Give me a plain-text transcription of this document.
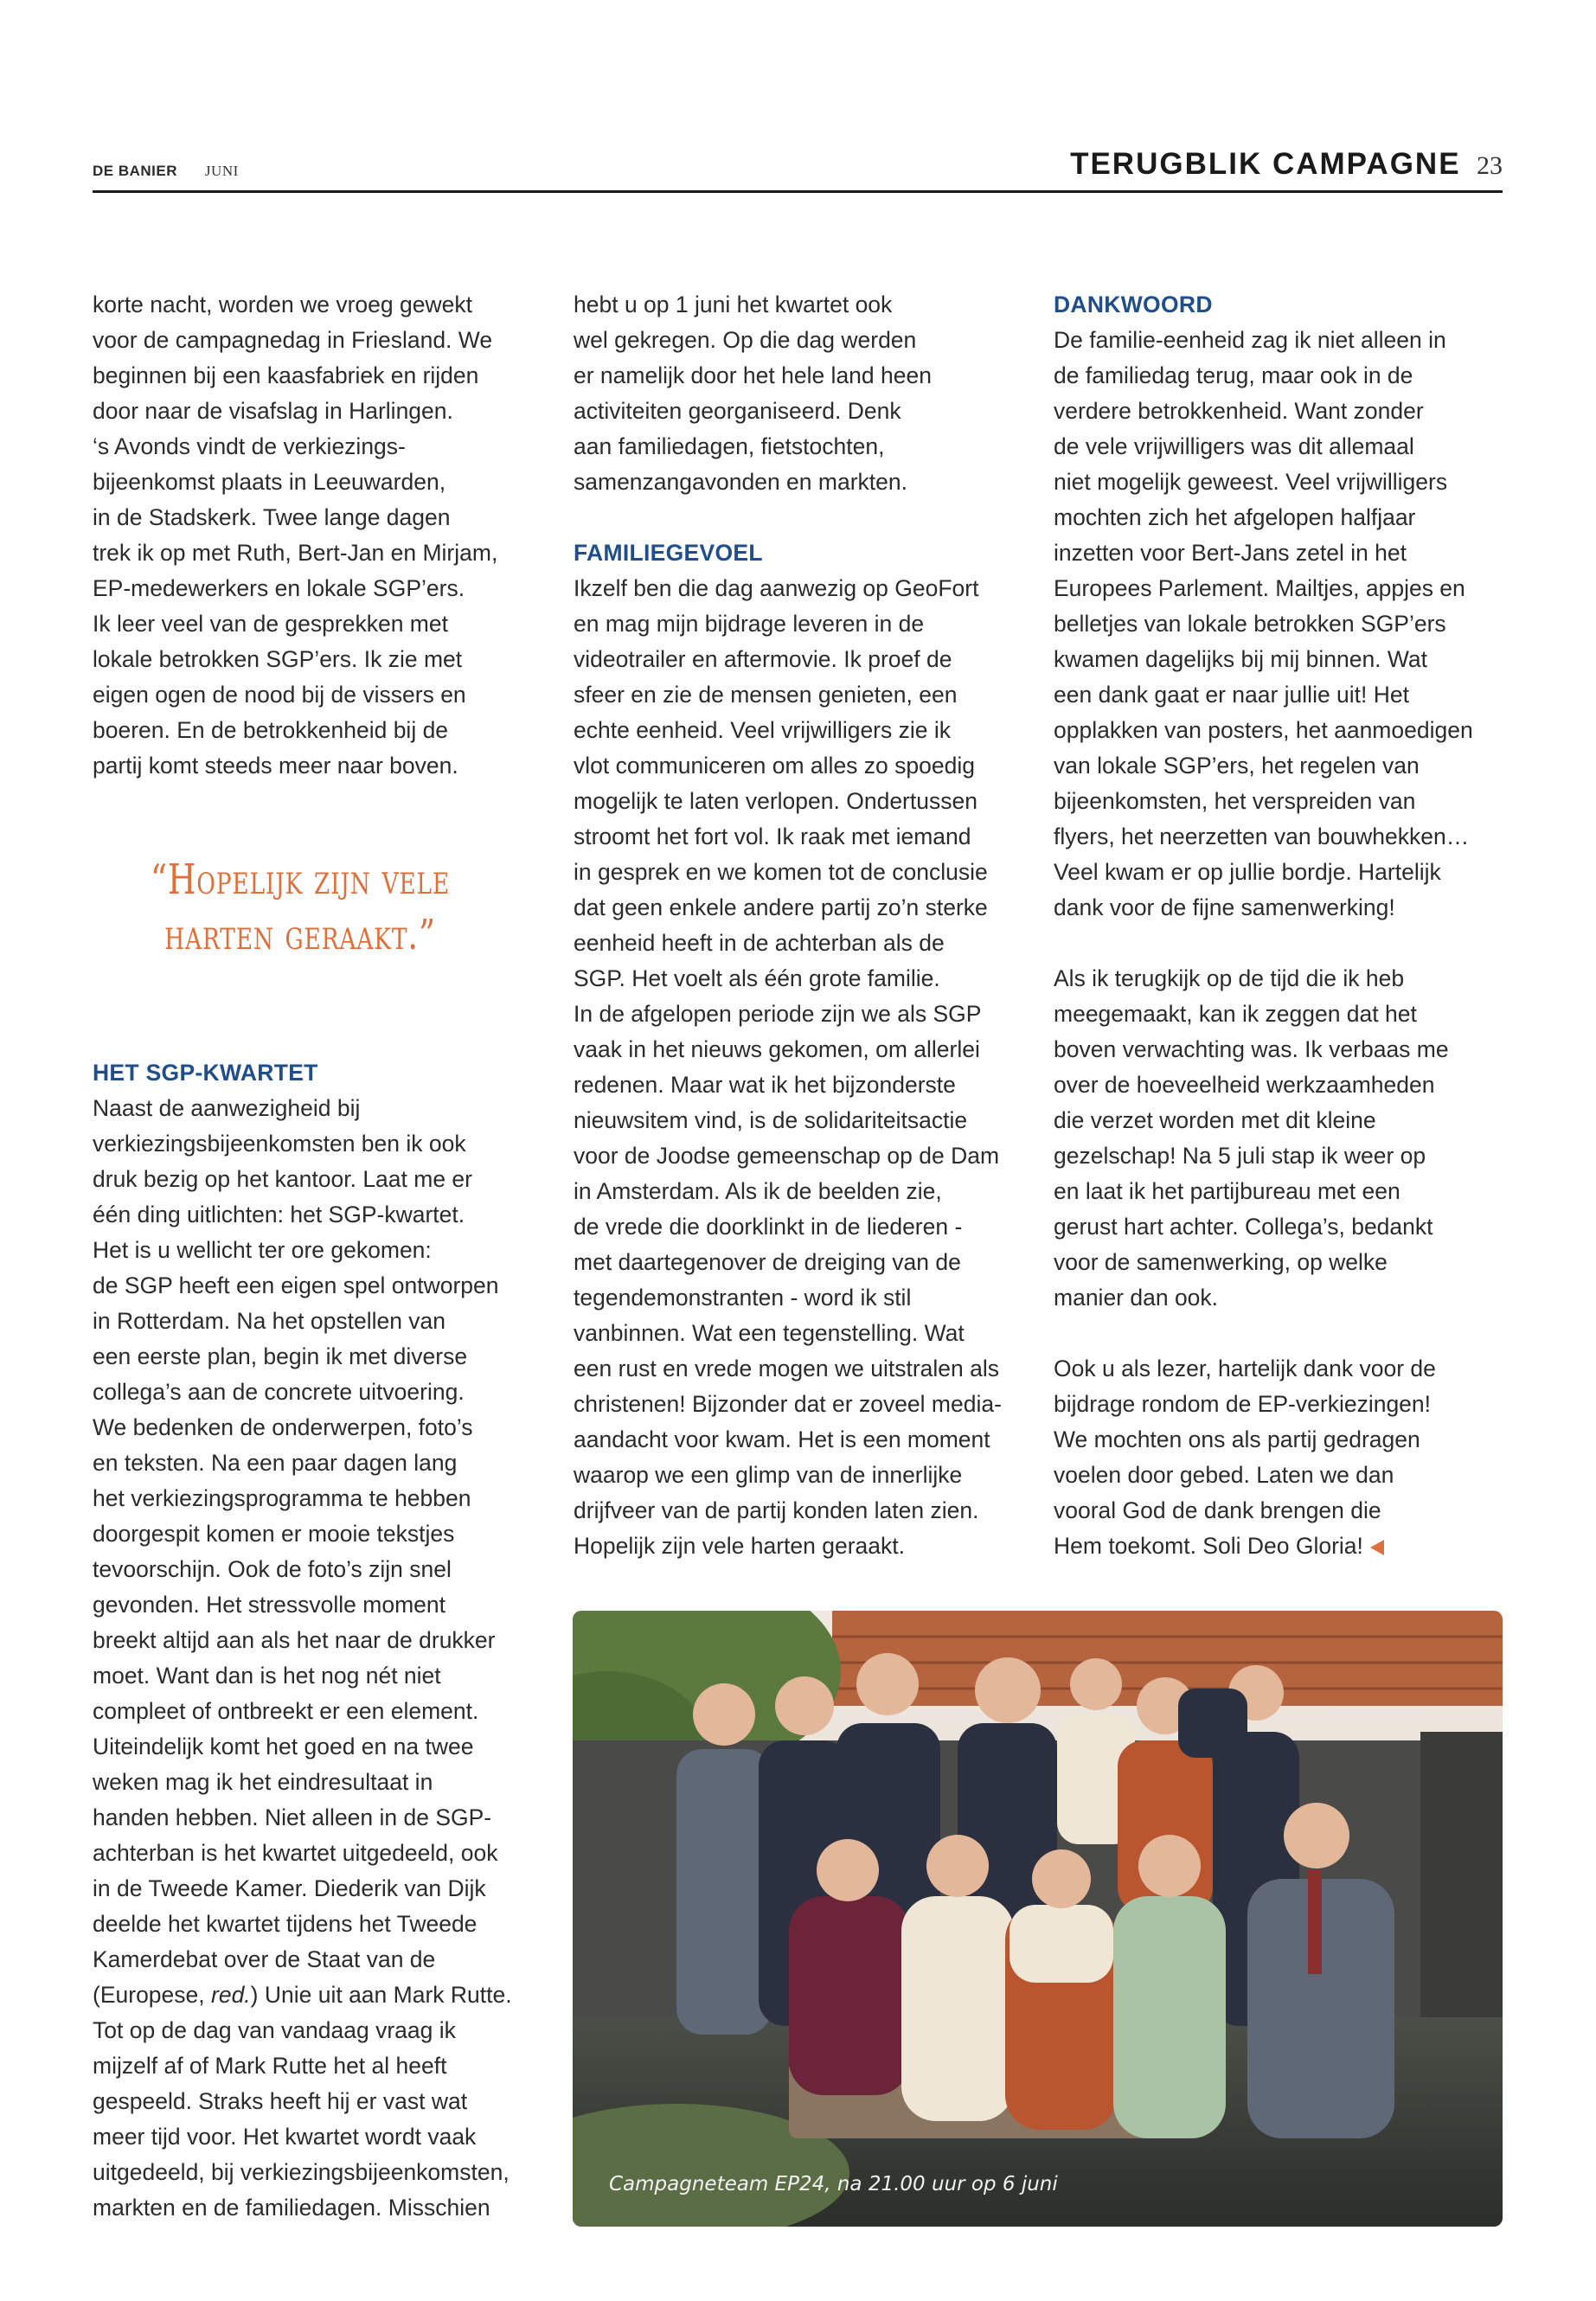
DE BANIER JUNI	TERUGBLIK CAMPAGNE 23
korte nacht, worden we vroeg gewekt
voor de campagnedag in Friesland. We
beginnen bij een kaasfabriek en rijden
door naar de visafslag in Harlingen.
‘s Avonds vindt de verkiezings-
bijeenkomst plaats in Leeuwarden,
in de Stadskerk. Twee lange dagen
trek ik op met Ruth, Bert-Jan en Mirjam,
EP-medewerkers en lokale SGP’ers.
Ik leer veel van de gesprekken met
lokale betrokken SGP’ers. Ik zie met
eigen ogen de nood bij de vissers en
boeren. En de betrokkenheid bij de
partij komt steeds meer naar boven.
“Hopelijk zijn vele
harten geraakt.”
HET SGP-KWARTET
Naast de aanwezigheid bij
verkiezingsbijeenkomsten ben ik ook
druk bezig op het kantoor. Laat me er
één ding uitlichten: het SGP-kwartet.
Het is u wellicht ter ore gekomen:
de SGP heeft een eigen spel ontworpen
in Rotterdam. Na het opstellen van
een eerste plan, begin ik met diverse
collega’s aan de concrete uitvoering.
We bedenken de onderwerpen, foto’s
en teksten. Na een paar dagen lang
het verkiezingsprogramma te hebben
doorgespit komen er mooie tekstjes
tevoorschijn. Ook de foto’s zijn snel
gevonden. Het stressvolle moment
breekt altijd aan als het naar de drukker
moet. Want dan is het nog nét niet
compleet of ontbreekt er een element.
Uiteindelijk komt het goed en na twee
weken mag ik het eindresultaat in
handen hebben. Niet alleen in de SGP-
achterban is het kwartet uitgedeeld, ook
in de Tweede Kamer. Diederik van Dijk
deelde het kwartet tijdens het Tweede
Kamerdebat over de Staat van de
(Europese, red.) Unie uit aan Mark Rutte.
Tot op de dag van vandaag vraag ik
mijzelf af of Mark Rutte het al heeft
gespeeld. Straks heeft hij er vast wat
meer tijd voor. Het kwartet wordt vaak
uitgedeeld, bij verkiezingsbijeenkomsten,
markten en de familiedagen. Misschien
hebt u op 1 juni het kwartet ook
wel gekregen. Op die dag werden
er namelijk door het hele land heen
activiteiten georganiseerd. Denk
aan familiedagen, fietstochten,
samenzangavonden en markten.
FAMILIEGEVOEL
Ikzelf ben die dag aanwezig op GeoFort
en mag mijn bijdrage leveren in de
videotrailer en aftermovie. Ik proef de
sfeer en zie de mensen genieten, een
echte eenheid. Veel vrijwilligers zie ik
vlot communiceren om alles zo spoedig
mogelijk te laten verlopen. Ondertussen
stroomt het fort vol. Ik raak met iemand
in gesprek en we komen tot de conclusie
dat geen enkele andere partij zo’n sterke
eenheid heeft in de achterban als de
SGP. Het voelt als één grote familie.
In de afgelopen periode zijn we als SGP
vaak in het nieuws gekomen, om allerlei
redenen. Maar wat ik het bijzonderste
nieuwsitem vind, is de solidariteitsactie
voor de Joodse gemeenschap op de Dam
in Amsterdam. Als ik de beelden zie,
de vrede die doorklinkt in de liederen -
met daartegenover de dreiging van de
tegendemonstranten - word ik stil
vanbinnen. Wat een tegenstelling. Wat
een rust en vrede mogen we uitstralen als
christenen! Bijzonder dat er zoveel media-
aandacht voor kwam. Het is een moment
waarop we een glimp van de innerlijke
drijfveer van de partij konden laten zien.
Hopelijk zijn vele harten geraakt.
DANKWOORD
De familie-eenheid zag ik niet alleen in
de familiedag terug, maar ook in de
verdere betrokkenheid. Want zonder
de vele vrijwilligers was dit allemaal
niet mogelijk geweest. Veel vrijwilligers
mochten zich het afgelopen halfjaar
inzetten voor Bert-Jans zetel in het
Europees Parlement. Mailtjes, appjes en
belletjes van lokale betrokken SGP’ers
kwamen dagelijks bij mij binnen. Wat
een dank gaat er naar jullie uit! Het
opplakken van posters, het aanmoedigen
van lokale SGP’ers, het regelen van
bijeenkomsten, het verspreiden van
flyers, het neerzetten van bouwhekken…
Veel kwam er op jullie bordje. Hartelijk
dank voor de fijne samenwerking!
Als ik terugkijk op de tijd die ik heb
meegemaakt, kan ik zeggen dat het
boven verwachting was. Ik verbaas me
over de hoeveelheid werkzaamheden
die verzet worden met dit kleine
gezelschap! Na 5 juli stap ik weer op
en laat ik het partijbureau met een
gerust hart achter. Collega’s, bedankt
voor de samenwerking, op welke
manier dan ook.
Ook u als lezer, hartelijk dank voor de
bijdrage rondom de EP-verkiezingen!
We mochten ons als partij gedragen
voelen door gebed. Laten we dan
vooral God de dank brengen die
Hem toekomt. Soli Deo Gloria!
Campagneteam EP24, na 21.00 uur op 6 juni
